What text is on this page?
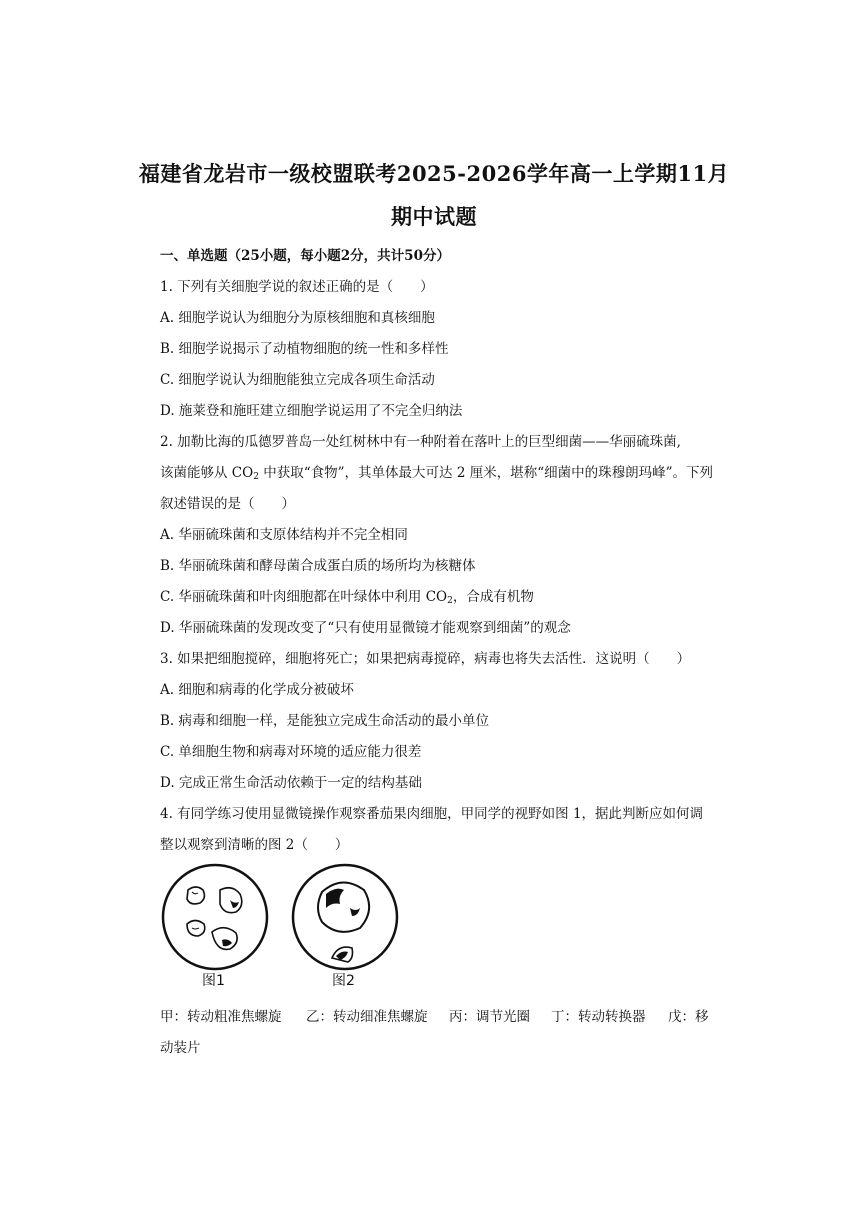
福建省龙岩市一级校盟联考2025-2026学年高一上学期11月
期中试题
一、单选题（25小题，每小题2分，共计50分）
1. 下列有关细胞学说的叙述正确的是（　　）
A. 细胞学说认为细胞分为原核细胞和真核细胞
B. 细胞学说揭示了动植物细胞的统一性和多样性
C. 细胞学说认为细胞能独立完成各项生命活动
D. 施莱登和施旺建立细胞学说运用了不完全归纳法
2. 加勒比海的瓜德罗普岛一处红树林中有一种附着在落叶上的巨型细菌——华丽硫珠菌,
该菌能够从 $CO_2$ 中获取“食物”，其单体最大可达 2 厘米，堪称“细菌中的珠穆朗玛峰”。下列
叙述错误的是（　　）
A. 华丽硫珠菌和支原体结构并不完全相同
B. 华丽硫珠菌和酵母菌合成蛋白质的场所均为核糖体
C. 华丽硫珠菌和叶肉细胞都在叶绿体中利用 $CO_2$，合成有机物
D. 华丽硫珠菌的发现改变了“只有使用显微镜才能观察到细菌”的观念
3. 如果把细胞搅碎，细胞将死亡；如果把病毒搅碎，病毒也将失去活性．这说明（　　）
A. 细胞和病毒的化学成分被破坏
B. 病毒和细胞一样，是能独立完成生命活动的最小单位
C. 单细胞生物和病毒对环境的适应能力很差
D. 完成正常生命活动依赖于一定的结构基础
4. 有同学练习使用显微镜操作观察番茄果肉细胞，甲同学的视野如图 1，据此判断应如何调
整以观察到清晰的图 2（　　）
图1	图2
甲：转动粗准焦螺旋 乙：转动细准焦螺旋 丙：调节光圈 丁：转动转换器 戊：移
动装片
